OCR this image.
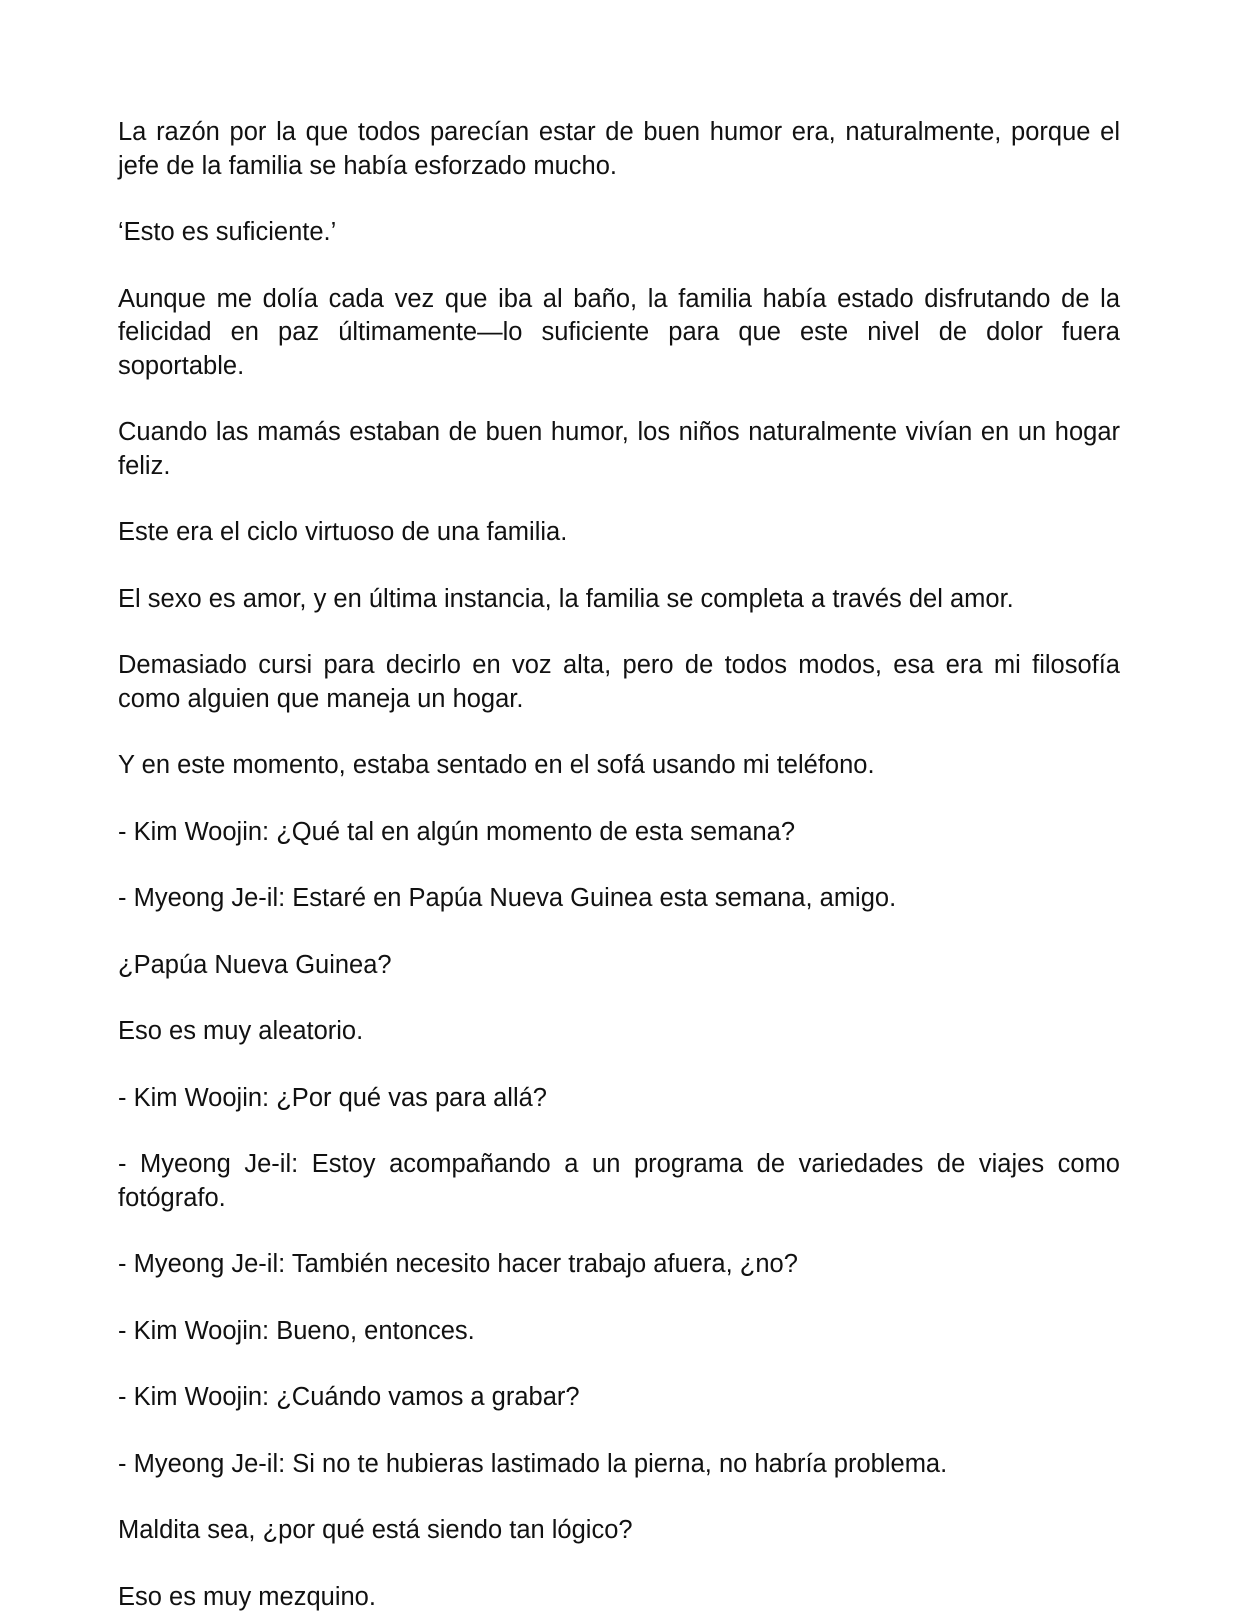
La razón por la que todos parecían estar de buen humor era, naturalmente, porque el jefe de la familia se había esforzado mucho.

‘Esto es suficiente.’

Aunque me dolía cada vez que iba al baño, la familia había estado disfrutando de la felicidad en paz últimamente—lo suficiente para que este nivel de dolor fuera soportable.

Cuando las mamás estaban de buen humor, los niños naturalmente vivían en un hogar feliz.

Este era el ciclo virtuoso de una familia.

El sexo es amor, y en última instancia, la familia se completa a través del amor.

Demasiado cursi para decirlo en voz alta, pero de todos modos, esa era mi filosofía como alguien que maneja un hogar.

Y en este momento, estaba sentado en el sofá usando mi teléfono.

- Kim Woojin: ¿Qué tal en algún momento de esta semana?

- Myeong Je-il: Estaré en Papúa Nueva Guinea esta semana, amigo.

¿Papúa Nueva Guinea?

Eso es muy aleatorio.

- Kim Woojin: ¿Por qué vas para allá?

- Myeong Je-il: Estoy acompañando a un programa de variedades de viajes como fotógrafo.

- Myeong Je-il: También necesito hacer trabajo afuera, ¿no?

- Kim Woojin: Bueno, entonces.

- Kim Woojin: ¿Cuándo vamos a grabar?

- Myeong Je-il: Si no te hubieras lastimado la pierna, no habría problema.

Maldita sea, ¿por qué está siendo tan lógico?

Eso es muy mezquino.
